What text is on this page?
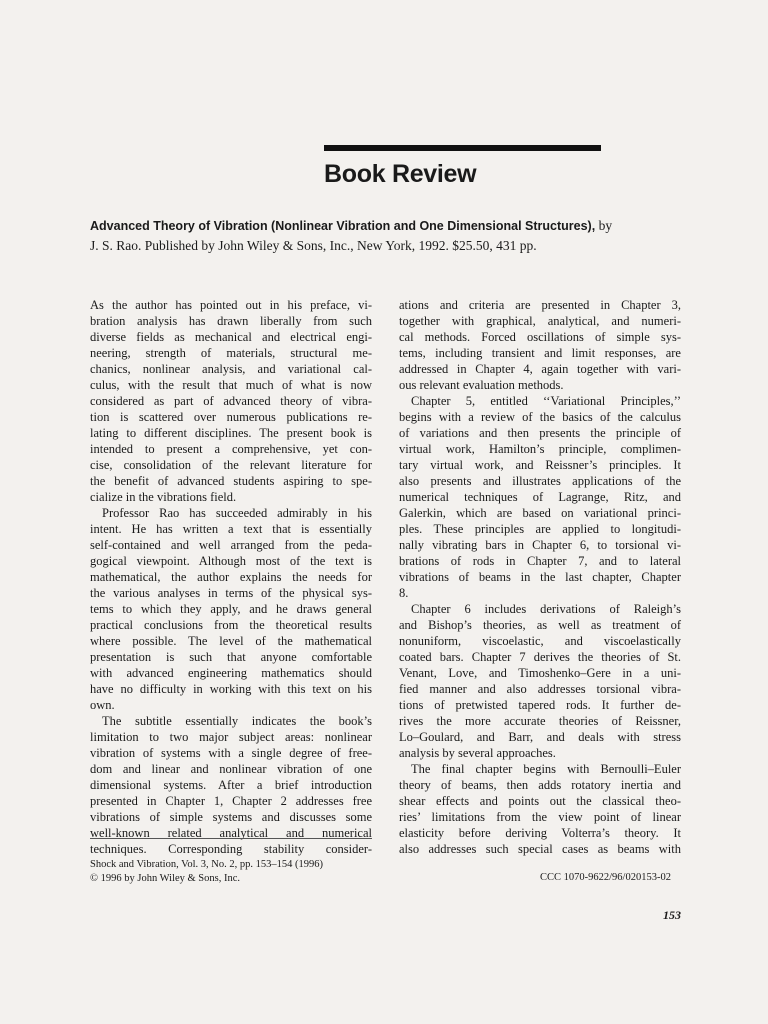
Book Review

Advanced Theory of Vibration (Nonlinear Vibration and One Dimensional Structures), by
J. S. Rao. Published by John Wiley & Sons, Inc., New York, 1992. $25.50, 431 pp.

As the author has pointed out in his preface, vi-
bration analysis has drawn liberally from such
diverse fields as mechanical and electrical engi-
neering, strength of materials, structural me-
chanics, nonlinear analysis, and variational cal-
culus, with the result that much of what is now
considered as part of advanced theory of vibra-
tion is scattered over numerous publications re-
lating to different disciplines. The present book is
intended to present a comprehensive, yet con-
cise, consolidation of the relevant literature for
the benefit of advanced students aspiring to spe-
cialize in the vibrations field.
Professor Rao has succeeded admirably in his
intent. He has written a text that is essentially
self-contained and well arranged from the peda-
gogical viewpoint. Although most of the text is
mathematical, the author explains the needs for
the various analyses in terms of the physical sys-
tems to which they apply, and he draws general
practical conclusions from the theoretical results
where possible. The level of the mathematical
presentation is such that anyone comfortable
with advanced engineering mathematics should
have no difficulty in working with this text on his
own.
The subtitle essentially indicates the book’s
limitation to two major subject areas: nonlinear
vibration of systems with a single degree of free-
dom and linear and nonlinear vibration of one
dimensional systems. After a brief introduction
presented in Chapter 1, Chapter 2 addresses free
vibrations of simple systems and discusses some
well-known related analytical and numerical
techniques. Corresponding stability consider-
ations and criteria are presented in Chapter 3,
together with graphical, analytical, and numeri-
cal methods. Forced oscillations of simple sys-
tems, including transient and limit responses, are
addressed in Chapter 4, again together with vari-
ous relevant evaluation methods.
Chapter 5, entitled ‘‘Variational Principles,’’
begins with a review of the basics of the calculus
of variations and then presents the principle of
virtual work, Hamilton’s principle, complimen-
tary virtual work, and Reissner’s principles. It
also presents and illustrates applications of the
numerical techniques of Lagrange, Ritz, and
Galerkin, which are based on variational princi-
ples. These principles are applied to longitudi-
nally vibrating bars in Chapter 6, to torsional vi-
brations of rods in Chapter 7, and to lateral
vibrations of beams in the last chapter, Chapter
8.
Chapter 6 includes derivations of Raleigh’s
and Bishop’s theories, as well as treatment of
nonuniform, viscoelastic, and viscoelastically
coated bars. Chapter 7 derives the theories of St.
Venant, Love, and Timoshenko–Gere in a uni-
fied manner and also addresses torsional vibra-
tions of pretwisted tapered rods. It further de-
rives the more accurate theories of Reissner,
Lo–Goulard, and Barr, and deals with stress
analysis by several approaches.
The final chapter begins with Bernoulli–Euler
theory of beams, then adds rotatory inertia and
shear effects and points out the classical theo-
ries’ limitations from the view point of linear
elasticity before deriving Volterra’s theory. It
also addresses such special cases as beams with
Shock and Vibration, Vol. 3, No. 2, pp. 153–154 (1996)
© 1996 by John Wiley & Sons, Inc.	CCC 1070-9622/96/020153-02
153
